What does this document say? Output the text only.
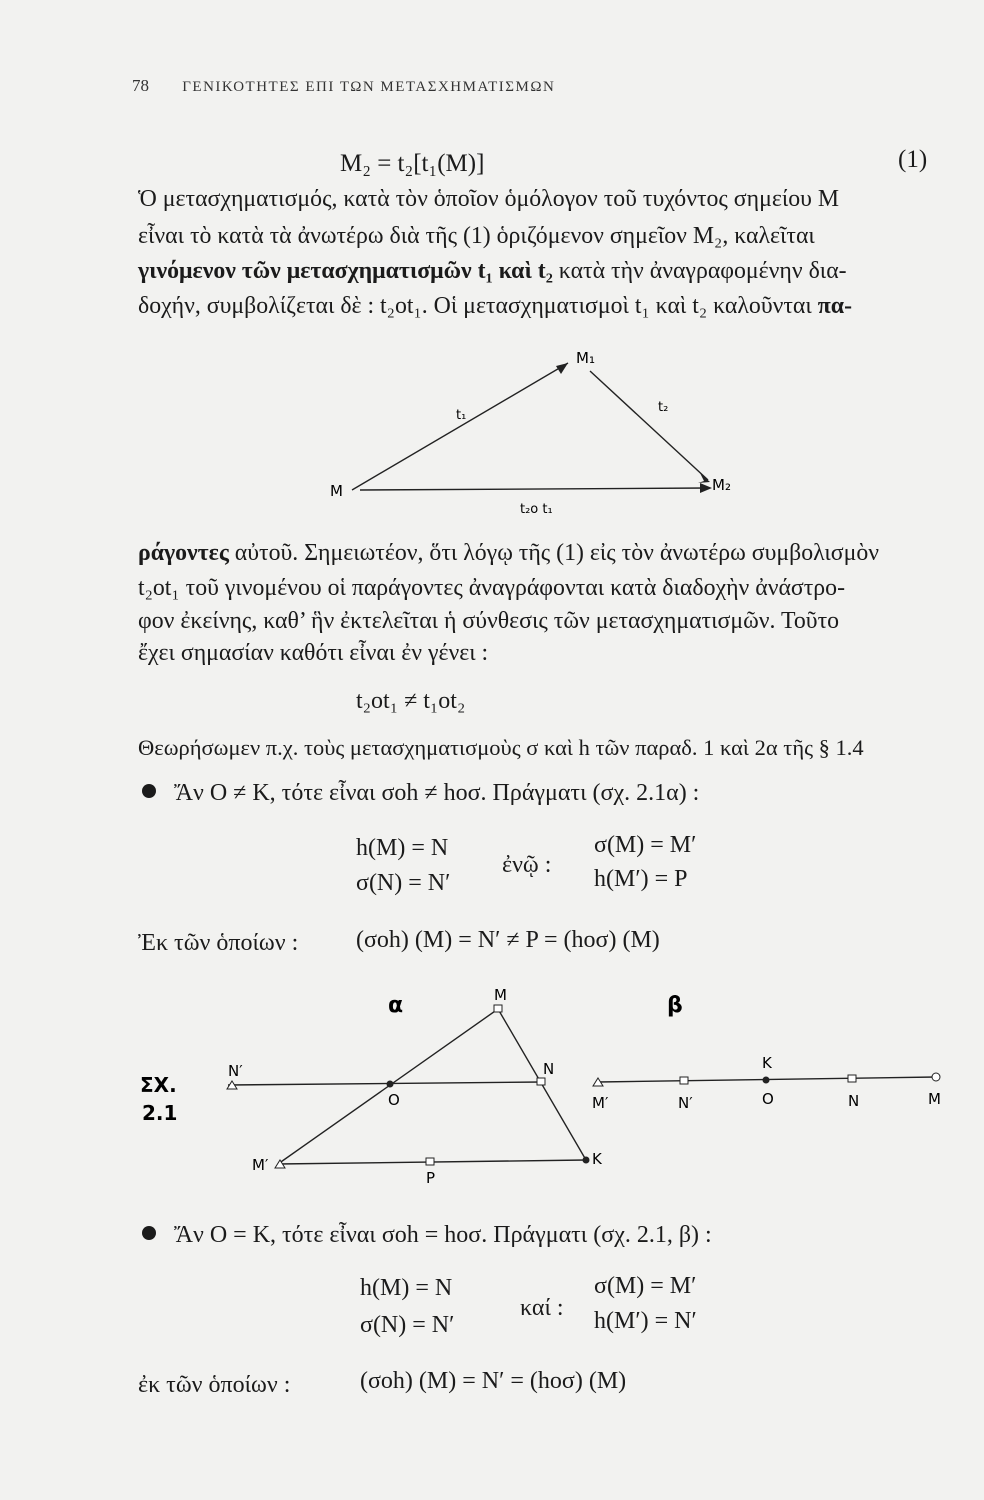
78 ΓΕΝΙΚΟΤΗΤΕΣ ΕΠΙ ΤΩΝ ΜΕΤΑΣΧΗΜΑΤΙΣΜΩΝ
M₂ = t₂[t₁(M)]	(1)
Ὁ μετασχηματισμός, κατὰ τὸν ὁποῖον ὁμόλογον τοῦ τυχόντος σημείου M
εἶναι τὸ κατὰ τὰ ἀνωτέρω διὰ τῆς (1) ὁριζόμενον σημεῖον M₂, καλεῖται
γινόμενον τῶν μετασχηματισμῶν t₁ καὶ t₂ κατὰ τὴν ἀναγραφομένην δια-
δοχήν, συμβολίζεται δὲ : t₂οt₁. Οἱ μετασχηματισμοὶ t₁ καὶ t₂ καλοῦνται πα-
M
M₁
M₂
t₁
t₂
t₂ο t₁
ράγοντες αὐτοῦ. Σημειωτέον, ὅτι λόγῳ τῆς (1) εἰς τὸν ἀνωτέρω συμβολισμὸν
t₂οt₁ τοῦ γινομένου οἱ παράγοντες ἀναγράφονται κατὰ διαδοχὴν ἀνάστρο-
φον ἐκείνης, καθ’ ἣν ἐκτελεῖται ἡ σύνθεσις τῶν μετασχηματισμῶν. Τοῦτο
ἔχει σημασίαν καθότι εἶναι ἐν γένει :
t₂οt₁ ≠ t₁οt₂
Θεωρήσωμεν π.χ. τοὺς μετασχηματισμοὺς σ καὶ h τῶν παραδ. 1 καὶ 2α τῆς § 1.4
Ἄν O ≠ K, τότε εἶναι σοh ≠ hοσ. Πράγματι (σχ. 2.1α) :
h(M) = N
σ(N) = N′
ἐνῷ :
σ(M) = M′
h(M′) = P
Ἐκ τῶν ὁποίων : (σοh) (M) = N′ ≠ P = (hοσ) (M)
ΣΧ.
2.1
α	β
M
N
N′
O
M′
P
K
M′	N′
K
O	N	M
Ἄν O = K, τότε εἶναι σοh = hοσ. Πράγματι (σχ. 2.1, β) :
h(M) = N
σ(N) = N′
καί :
σ(M) = M′
h(M′) = N′
ἐκ τῶν ὁποίων :	(σοh) (M) = N′ = (hοσ) (M)
